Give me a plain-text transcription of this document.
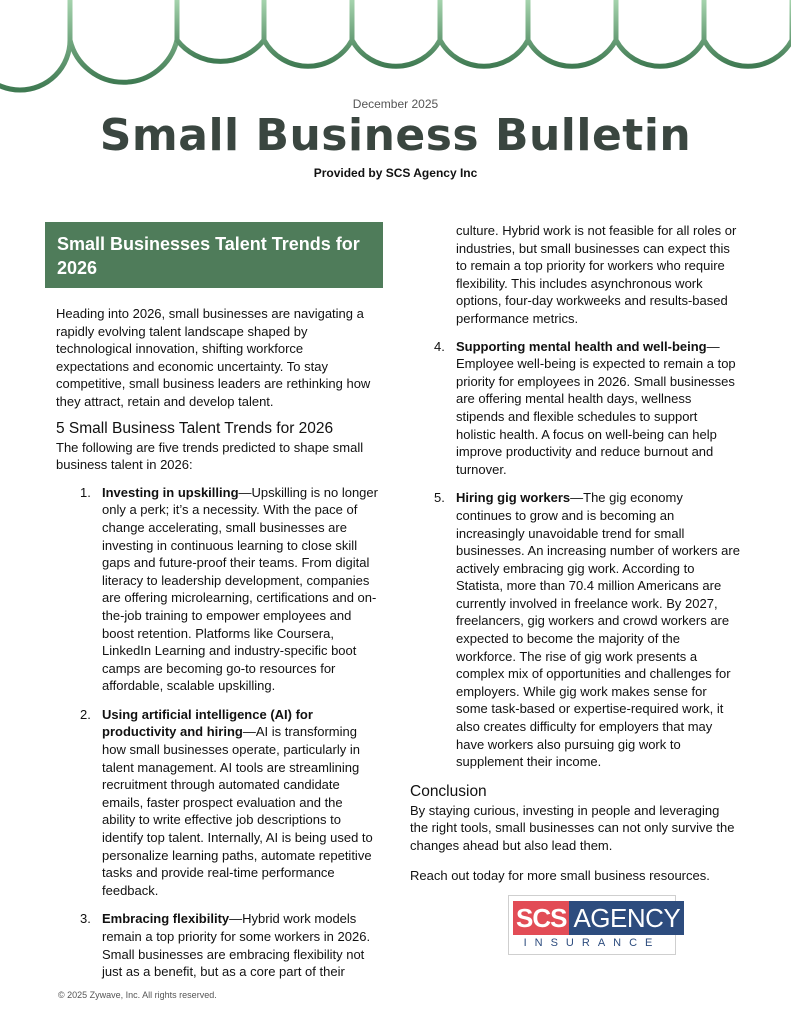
December 2025
Small Business Bulletin
Provided by SCS Agency Inc
Small Businesses Talent Trends for 2026

Heading into 2026, small businesses are navigating a rapidly evolving talent landscape shaped by technological innovation, shifting workforce expectations and economic uncertainty. To stay competitive, small business leaders are rethinking how they attract, retain and develop talent.

5 Small Business Talent Trends for 2026

The following are five trends predicted to shape small business talent in 2026:

1. Investing in upskilling—Upskilling is no longer only a perk; it’s a necessity. With the pace of change accelerating, small businesses are investing in continuous learning to close skill gaps and future-proof their teams. From digital literacy to leadership development, companies are offering microlearning, certifications and on-the-job training to empower employees and boost retention. Platforms like Coursera, LinkedIn Learning and industry-specific boot camps are becoming go-to resources for affordable, scalable upskilling.
2. Using artificial intelligence (AI) for productivity and hiring—AI is transforming how small businesses operate, particularly in talent management. AI tools are streamlining recruitment through automated candidate emails, faster prospect evaluation and the ability to write effective job descriptions to identify top talent. Internally, AI is being used to personalize learning paths, automate repetitive tasks and provide real-time performance feedback.
3. Embracing flexibility—Hybrid work models remain a top priority for some workers in 2026. Small businesses are embracing flexibility not just as a benefit, but as a core part of their

culture. Hybrid work is not feasible for all roles or industries, but small businesses can expect this to remain a top priority for workers who require flexibility. This includes asynchronous work options, four-day workweeks and results-based performance metrics.

4. Supporting mental health and well-being—Employee well-being is expected to remain a top priority for employees in 2026. Small businesses are offering mental health days, wellness stipends and flexible schedules to support holistic health. A focus on well-being can help improve productivity and reduce burnout and turnover.
5. Hiring gig workers—The gig economy continues to grow and is becoming an increasingly unavoidable trend for small businesses. An increasing number of workers are actively embracing gig work. According to Statista, more than 70.4 million Americans are currently involved in freelance work. By 2027, freelancers, gig workers and crowd workers are expected to become the majority of the workforce. The rise of gig work presents a complex mix of opportunities and challenges for employers. While gig work makes sense for some task-based or expertise-required work, it also creates difficulty for employers that may have workers also pursuing gig work to supplement their income.
Conclusion

By staying curious, investing in people and leveraging the right tools, small businesses can not only survive the changes ahead but also lead them.

Reach out today for more small business resources.

SCS AGENCY
INSURANCE
© 2025 Zywave, Inc. All rights reserved.
